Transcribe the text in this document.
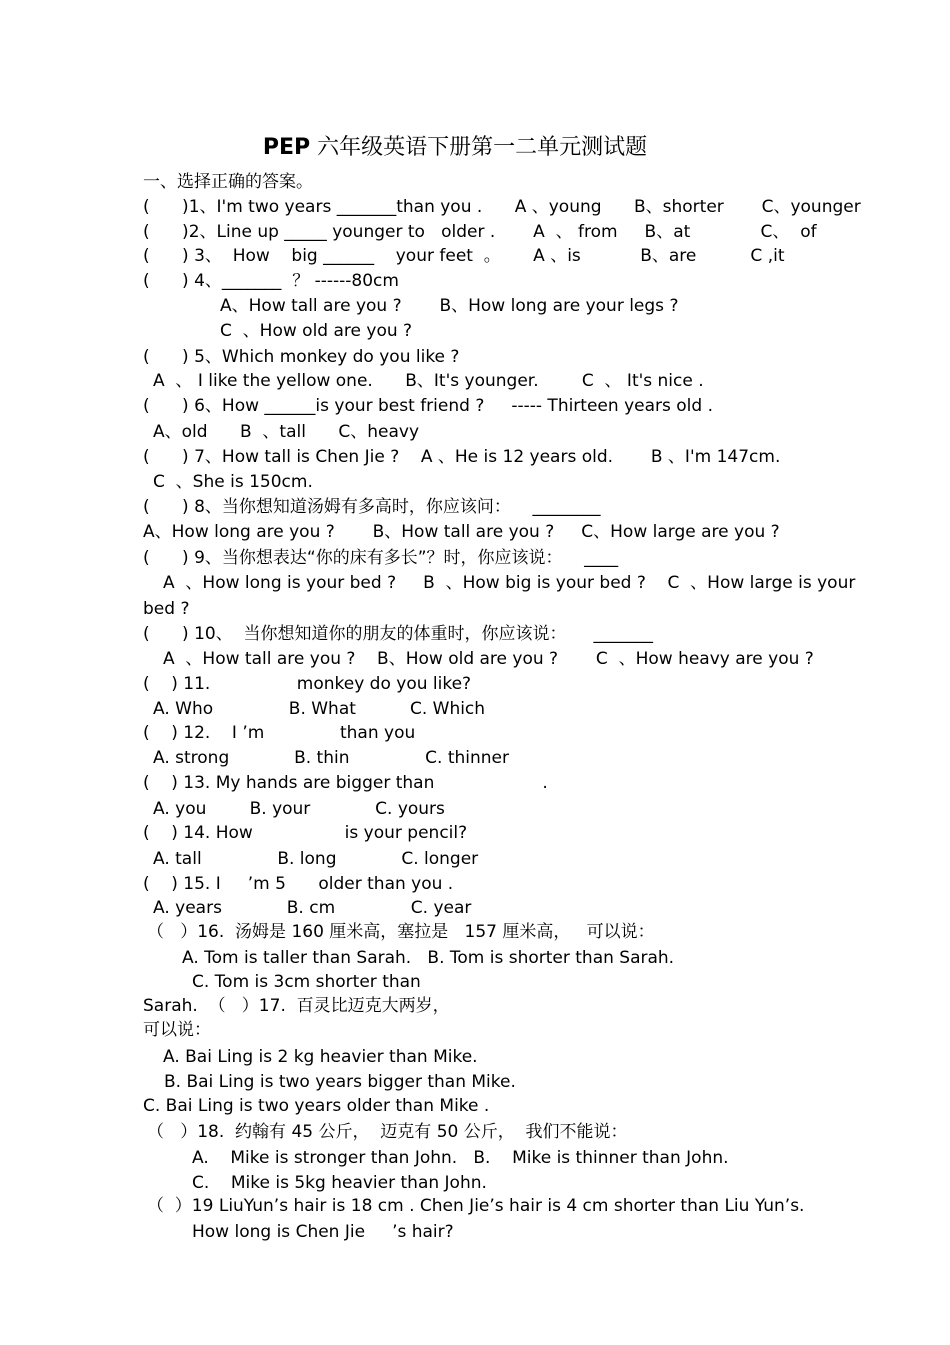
PEP 六年级英语下册第一二单元测试题
一、选择正确的答案。
(      )1、I'm two years _______than you .      A 、young      B、shorter       C、younger
(      )2、Line up _____ younger to   older .       A  、 from     B、at             C、  of
(      ) 3、  How    big ______    your feet  。      A 、is           B、are          C ,it
(      ) 4、_______  ？ ------80cm
A、How tall are you ?       B、How long are your legs ?
C  、How old are you ?
(      ) 5、Which monkey do you like ?
A  、 I like the yellow one.      B、It's younger.        C  、 It's nice .
(      ) 6、How ______is your best friend ?     ----- Thirteen years old .
A、old      B  、tall      C、heavy
(      ) 7、How tall is Chen Jie ?    A 、He is 12 years old.       B 、I'm 147cm.
C  、She is 150cm.
(      ) 8、当你想知道汤姆有多高时，你应该问：    ________
A、How long are you ?       B、How tall are you ?     C、How large are you ?
(      ) 9、当你想表达“你的床有多长”？时，你应该说：    ____
A  、How long is your bed ?     B  、How big is your bed ?    C  、How large is your
bed ?
(      ) 10、  当你想知道你的朋友的体重时，你应该说：     _______
A  、How tall are you ?    B、How old are you ?       C  、How heavy are you ?
(    ) 11.                monkey do you like?
A. Who              B. What          C. Which
(    ) 12.    I ’m              than you
A. strong            B. thin              C. thinner
(    ) 13. My hands are bigger than                    .
A. you        B. your            C. yours
(    ) 14. How                 is your pencil?
A. tall              B. long            C. longer
(    ) 15. I     ’m 5      older than you .
A. years            B. cm              C. year
（   ）16.  汤姆是 160 厘米高，塞拉是   157 厘米高，   可以说：
A. Tom is taller than Sarah.   B. Tom is shorter than Sarah.
C. Tom is 3cm shorter than
Sarah.  （   ）17.  百灵比迈克大两岁，
可以说：
A. Bai Ling is 2 kg heavier than Mike.
B. Bai Ling is two years bigger than Mike.
C. Bai Ling is two years older than Mike .
（   ）18.  约翰有 45 公斤，  迈克有 50 公斤，  我们不能说：
A.    Mike is stronger than John.   B.    Mike is thinner than John.
C.    Mike is 5kg heavier than John.
（  ）19 LiuYun’s hair is 18 cm . Chen Jie’s hair is 4 cm shorter than Liu Yun’s.
How long is Chen Jie     ’s hair?
